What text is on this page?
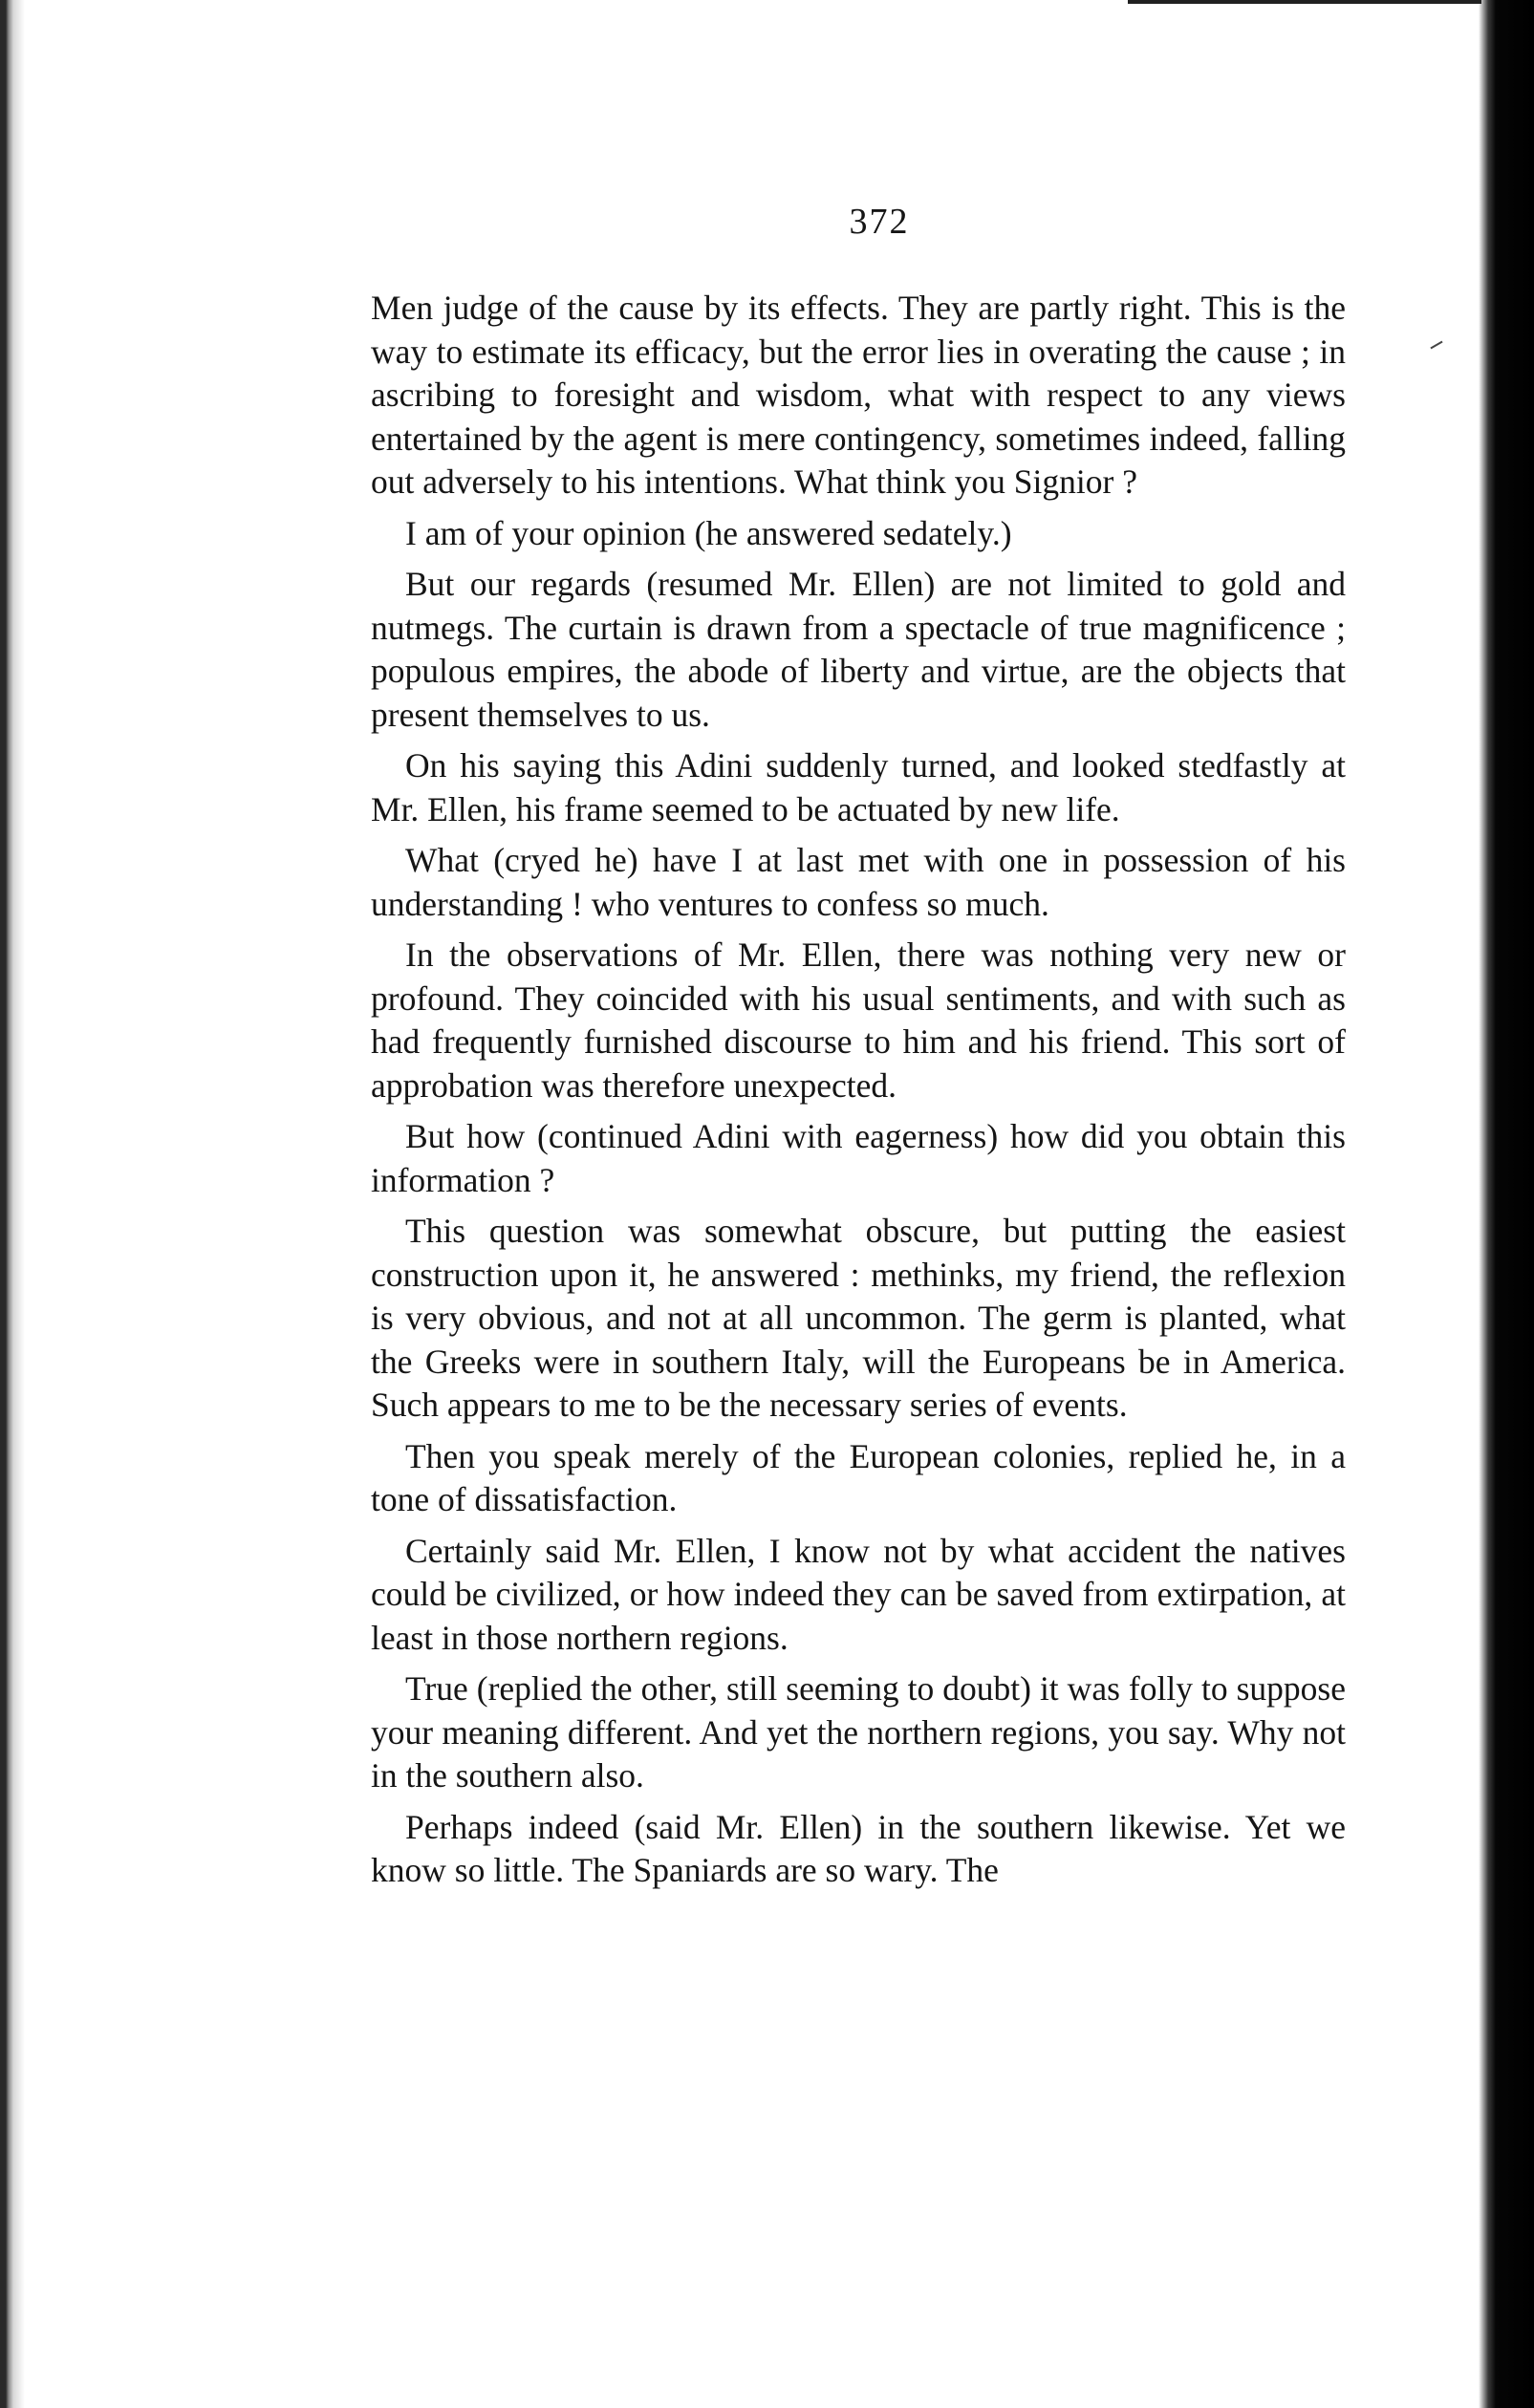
372

Men judge of the cause by its effects. They are partly right. This is the way to estimate its efficacy, but the error lies in overating the cause ; in ascribing to foresight and wisdom, what with respect to any views entertained by the agent is mere contingency, sometimes indeed, falling out adversely to his intentions. What think you Signior ?

I am of your opinion (he answered sedately.)

But our regards (resumed Mr. Ellen) are not limited to gold and nutmegs. The curtain is drawn from a spectacle of true magnificence ; populous empires, the abode of liberty and virtue, are the objects that present themselves to us.

On his saying this Adini suddenly turned, and looked stedfastly at Mr. Ellen, his frame seemed to be actuated by new life.

What (cryed he) have I at last met with one in possession of his understanding ! who ventures to confess so much.

In the observations of Mr. Ellen, there was nothing very new or profound. They coincided with his usual sentiments, and with such as had frequently furnished discourse to him and his friend. This sort of approbation was therefore unexpected.

But how (continued Adini with eagerness) how did you obtain this information ?

This question was somewhat obscure, but putting the easiest construction upon it, he answered : methinks, my friend, the reflexion is very obvious, and not at all uncommon. The germ is planted, what the Greeks were in southern Italy, will the Europeans be in America. Such appears to me to be the necessary series of events.

Then you speak merely of the European colonies, replied he, in a tone of dissatisfaction.

Certainly said Mr. Ellen, I know not by what accident the natives could be civilized, or how indeed they can be saved from extirpation, at least in those northern regions.

True (replied the other, still seeming to doubt) it was folly to suppose your meaning different. And yet the northern regions, you say. Why not in the southern also.

Perhaps indeed (said Mr. Ellen) in the southern likewise. Yet we know so little. The Spaniards are so wary. The
